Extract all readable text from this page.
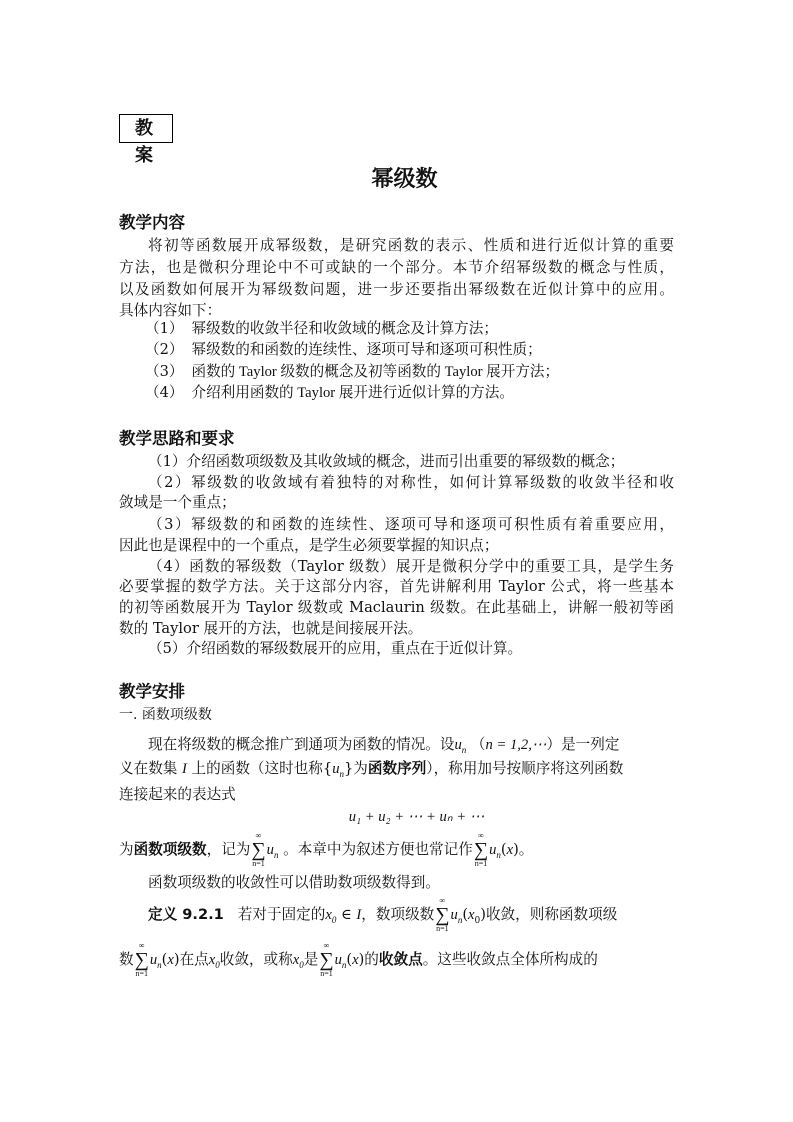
教 案
幂级数
教学内容
将初等函数展开成幂级数，是研究函数的表示、性质和进行近似计算的重要
方法，也是微积分理论中不可或缺的一个部分。本节介绍幂级数的概念与性质，
以及函数如何展开为幂级数问题，进一步还要指出幂级数在近似计算中的应用。
具体内容如下：
（1） 幂级数的收敛半径和收敛域的概念及计算方法；
（2） 幂级数的和函数的连续性、逐项可导和逐项可积性质；
（3） 函数的 Taylor 级数的概念及初等函数的 Taylor 展开方法；
（4） 介绍利用函数的 Taylor 展开进行近似计算的方法。
教学思路和要求
（1）介绍函数项级数及其收敛域的概念，进而引出重要的幂级数的概念；
（2）幂级数的收敛域有着独特的对称性，如何计算幂级数的收敛半径和收
敛域是一个重点；
（3）幂级数的和函数的连续性、逐项可导和逐项可积性质有着重要应用，
因此也是课程中的一个重点，是学生必须要掌握的知识点；
（4）函数的幂级数（Taylor 级数）展开是微积分学中的重要工具，是学生务
必要掌握的数学方法。关于这部分内容，首先讲解利用 Taylor 公式，将一些基本
的初等函数展开为 Taylor 级数或 Maclaurin 级数。在此基础上，讲解一般初等函
数的 Taylor 展开的方法，也就是间接展开法。
（5）介绍函数的幂级数展开的应用，重点在于近似计算。
教学安排
一. 函数项级数
现在将级数的概念推广到通项为函数的情况。设$u_n$ （n = 1,2,⋯）是一列定
义在数集 I 上的函数（这时也称$\{u_n\}$为函数序列），称用加号按顺序将这列函数
连接起来的表达式
u₁ + u₂ + ⋯ + uₙ + ⋯
为函数项级数，记为
∞
∑
n=1
$u_n$ 。本章中为叙述方便也常记作
∞
∑
n=1
$u_n(x)$。
函数项级数的收敛性可以借助数项级数得到。
定义 9.2.1 若对于固定的$x_0$ ∈ I，数项级数
∞
∑
n=1
$u_n(x_0)$收敛，则称函数项级
数
∞
∑
n=1
$u_n(x)$在点$x_0$收敛，或称$x_0$是
∞
∑
n=1
$u_n(x)$的收敛点。这些收敛点全体所构成的
